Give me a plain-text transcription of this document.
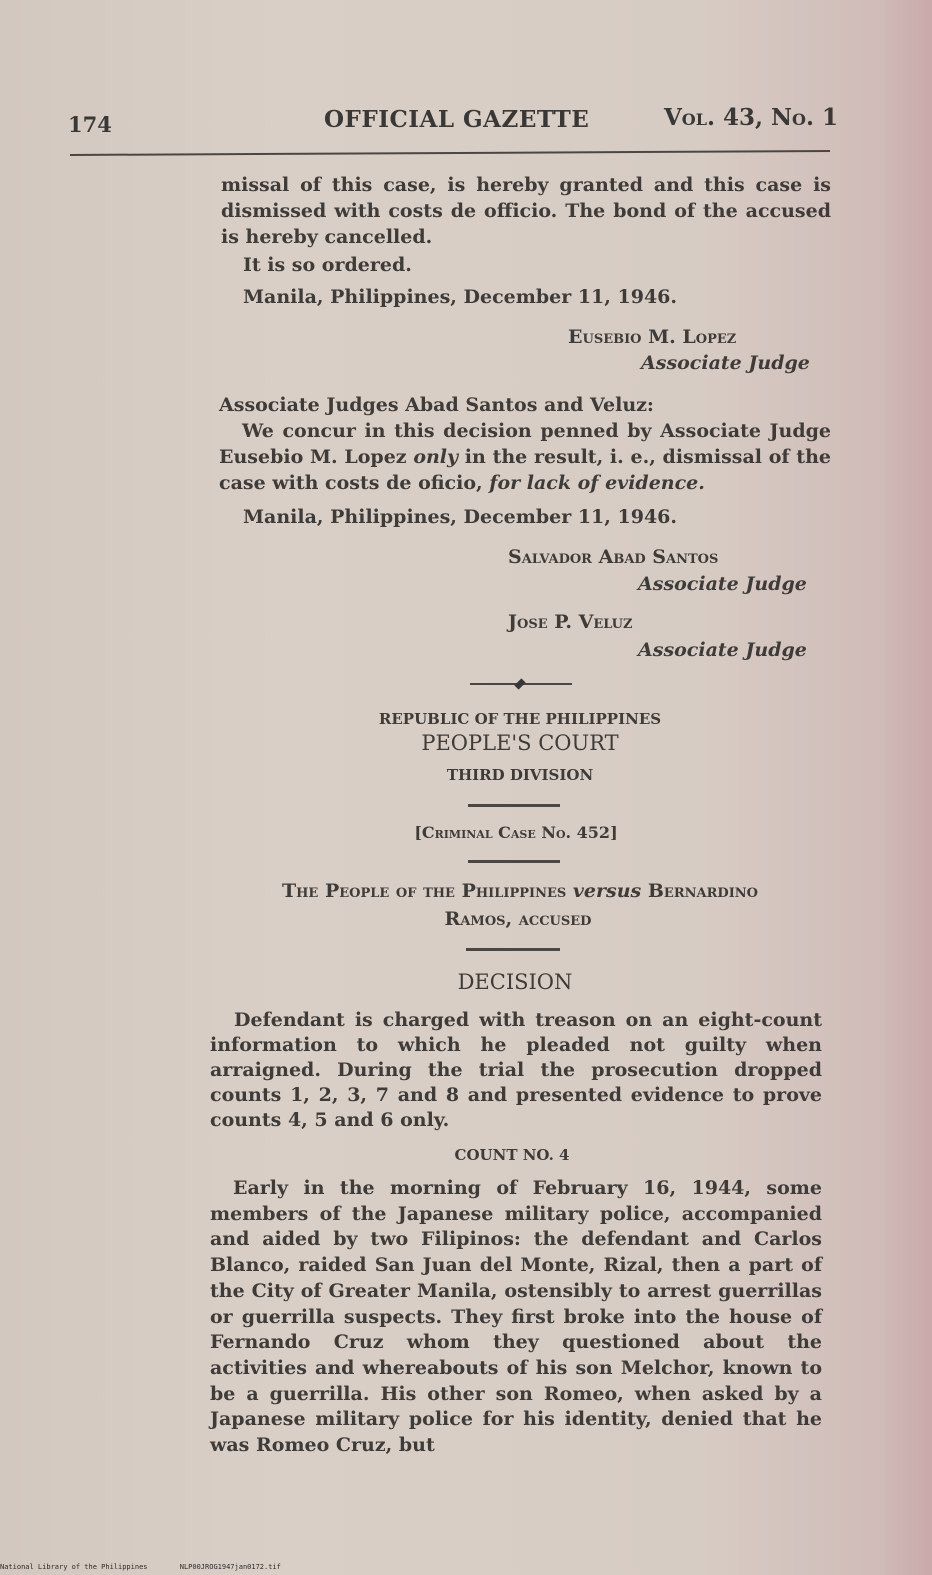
174	OFFICIAL GAZETTE	Vol. 43, No. 1
missal of this case, is hereby granted and this case is dismissed with costs de officio. The bond of the accused is hereby cancelled.
It is so ordered.
Manila, Philippines, December 11, 1946.
Eusebio M. Lopez
Associate Judge
Associate Judges Abad Santos and Veluz:
We concur in this decision penned by Associate Judge Eusebio M. Lopez only in the result, i. e., dismissal of the case with costs de oficio, for lack of evidence.
Manila, Philippines, December 11, 1946.
Salvador Abad Santos
Associate Judge
Jose P. Veluz
Associate Judge
REPUBLIC OF THE PHILIPPINES
PEOPLE'S COURT
THIRD DIVISION
[Criminal Case No. 452]
The People of the Philippines versus Bernardino
Ramos, accused
DECISION
Defendant is charged with treason on an eight-count information to which he pleaded not guilty when arraigned. During the trial the prosecution dropped counts 1, 2, 3, 7 and 8 and presented evidence to prove counts 4, 5 and 6 only.
COUNT NO. 4
Early in the morning of February 16, 1944, some members of the Japanese military police, accompanied and aided by two Filipinos: the defendant and Carlos Blanco, raided San Juan del Monte, Rizal, then a part of the City of Greater Manila, ostensibly to arrest guerrillas or guerrilla suspects. They first broke into the house of Fernando Cruz whom they questioned about the activities and whereabouts of his son Melchor, known to be a guerrilla. His other son Romeo, when asked by a Japanese military police for his identity, denied that he was Romeo Cruz, but
National Library of the Philippines	NLP00JROG1947jan0172.tif
